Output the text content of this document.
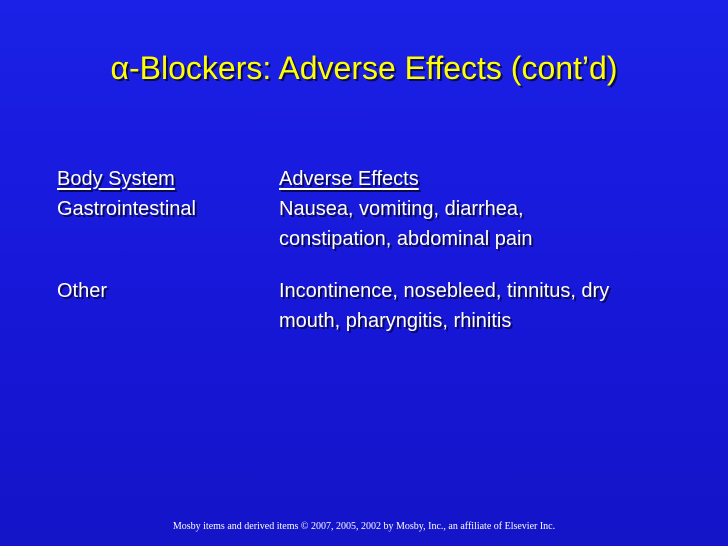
α-Blockers: Adverse Effects (cont’d)
Body System	Adverse Effects
Gastrointestinal	Nausea, vomiting, diarrhea, constipation, abdominal pain
Other	Incontinence, nosebleed, tinnitus, dry mouth, pharyngitis, rhinitis
Mosby items and derived items © 2007, 2005, 2002 by Mosby, Inc., an affiliate of Elsevier Inc.
